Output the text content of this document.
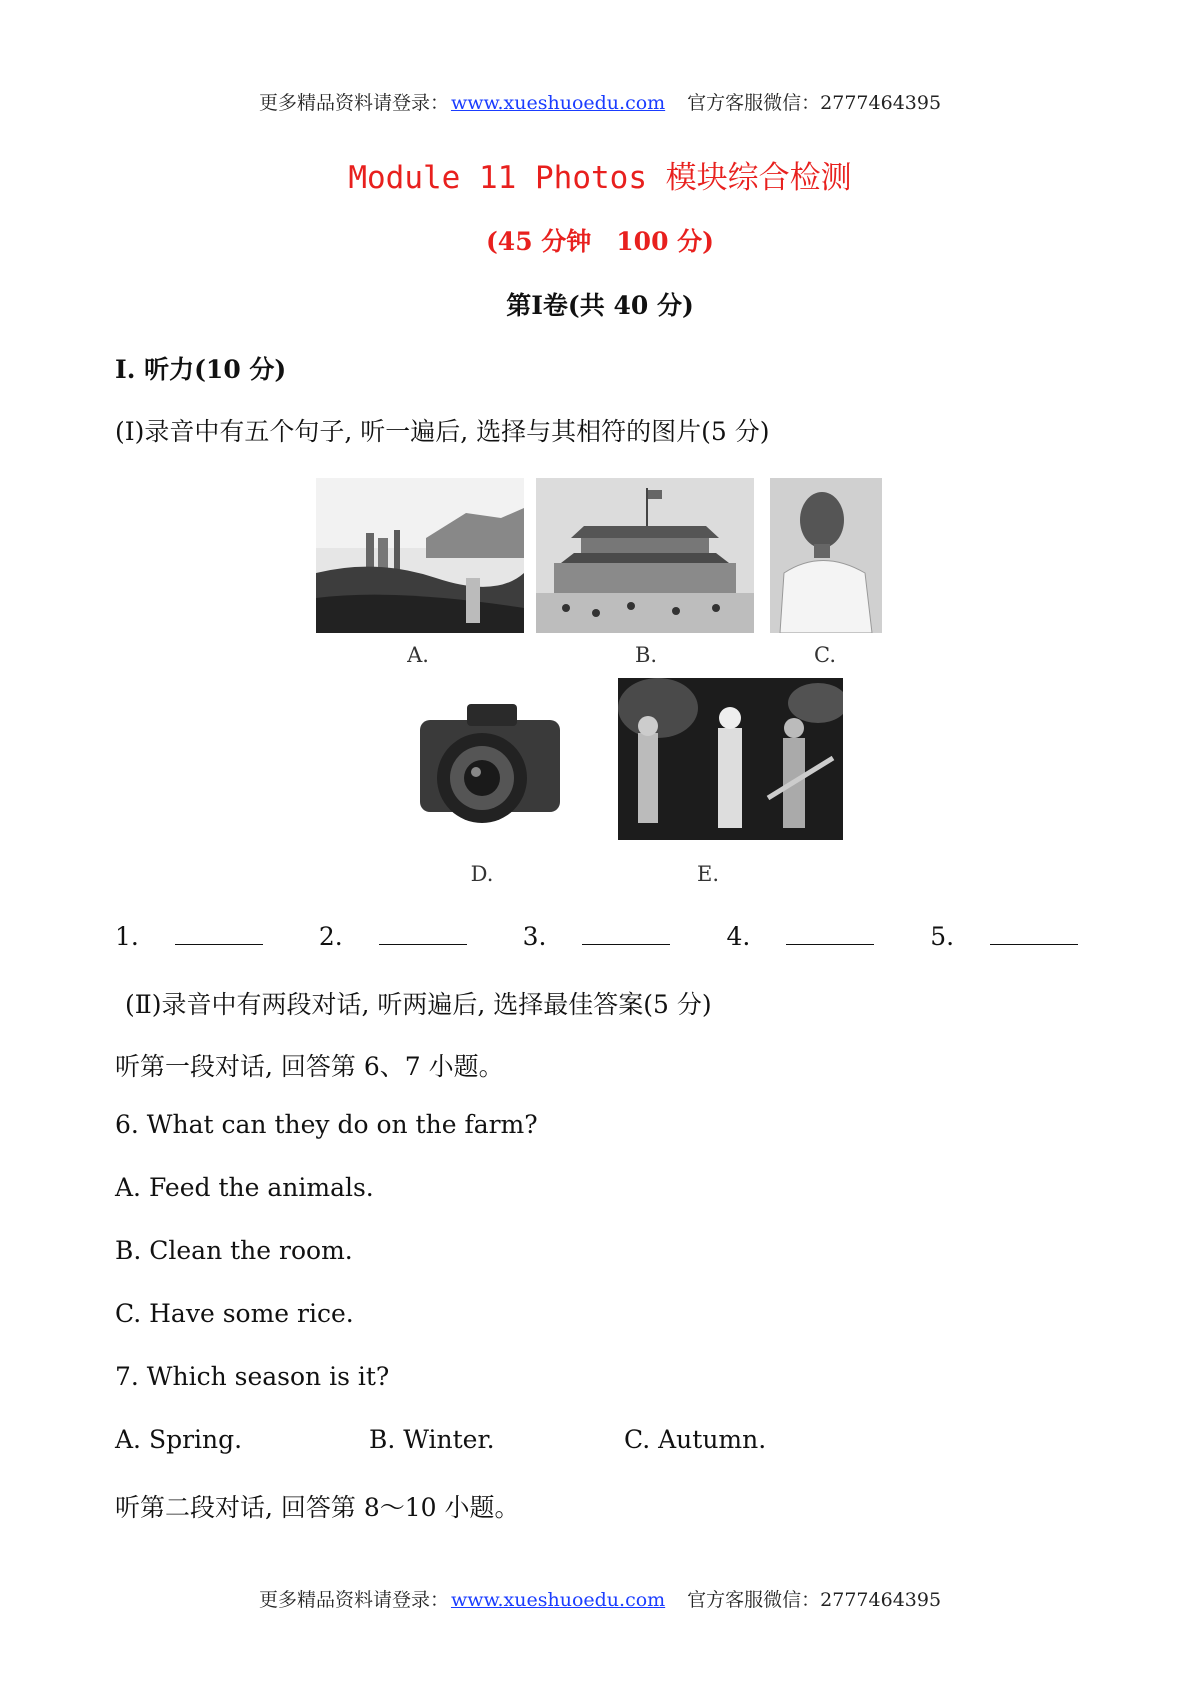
更多精品资料请登录： www.xueshuoedu.com 官方客服微信：2777464395
Module 11 Photos 模块综合检测
(45 分钟　100 分)
第Ⅰ卷(共 40 分)
Ⅰ. 听力(10 分)
(Ⅰ)录音中有五个句子, 听一遍后, 选择与其相符的图片(5 分)
A.	B.	C.
D.	E.
1.	2.	3.	4.	5.
(Ⅱ)录音中有两段对话, 听两遍后, 选择最佳答案(5 分)
听第一段对话, 回答第 6、7 小题。
6. What can they do on the farm?
A. Feed the animals.
B. Clean the room.
C. Have some rice.
7. Which season is it?
A. Spring.	B. Winter.	C. Autumn.
听第二段对话, 回答第 8～10 小题。
更多精品资料请登录： www.xueshuoedu.com 官方客服微信：2777464395
